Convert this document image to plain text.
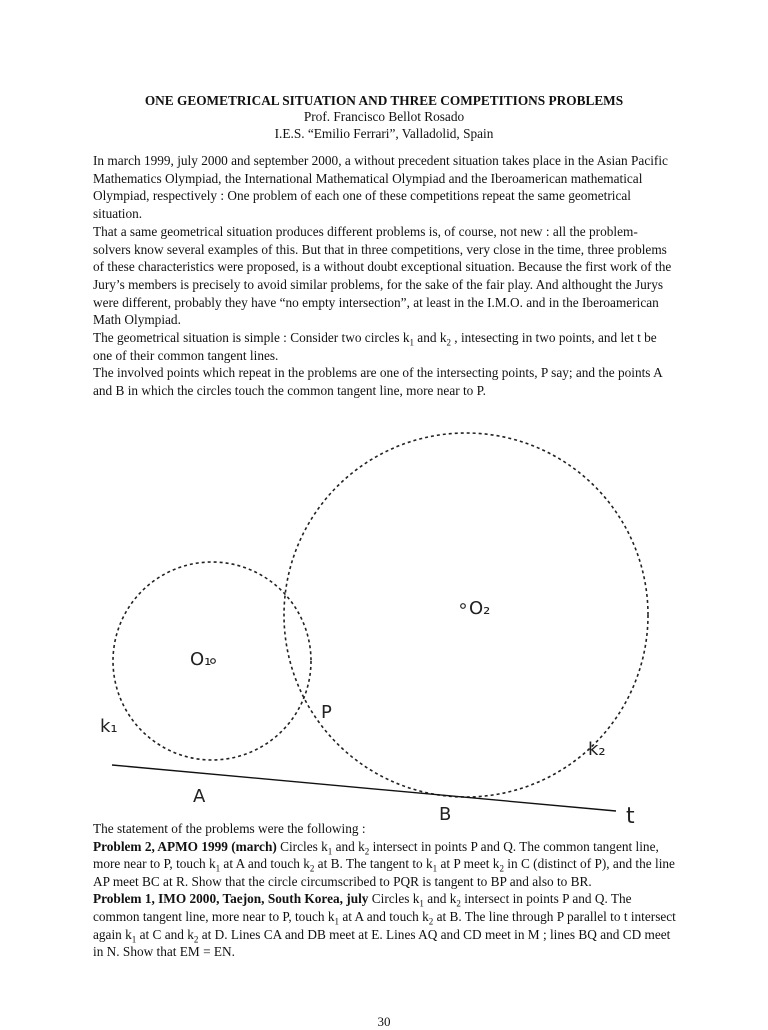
ONE GEOMETRICAL SITUATION AND THREE COMPETITIONS PROBLEMS
Prof. Francisco Bellot Rosado
I.E.S. “Emilio Ferrari”, Valladolid, Spain

In march 1999, july 2000 and september 2000, a without precedent situation takes place in the Asian Pacific Mathematics Olympiad, the International Mathematical Olympiad and the Iberoamerican mathematical Olympiad, respectively : One problem of each one of these competitions repeat the same geometrical situation.

That a same geometrical situation produces different problems is, of course, not new : all the problem-solvers know several examples of this. But that in three competitions, very close in the time, three problems of these characteristics were proposed, is a without doubt exceptional situation. Because the first work of the Jury’s members is precisely to avoid similar problems, for the sake of the fair play. And althought the Jurys were different, probably they have “no empty intersection”, at least in the I.M.O. and in the Iberoamerican Math Olympiad.

The geometrical situation is simple : Consider two circles $k_1$ and $k_2$ , intesecting in two points, and let t be one of their common tangent lines.

The involved points which repeat in the problems are one of the intersecting points, P say; and the points A and B in which the circles touch the common tangent line, more near to P.

O₁
O₂
k₁
k₂
P
A
B	t

The statement of the problems were the following :

Problem 2, APMO 1999 (march) Circles $k_1$ and $k_2$ intersect in points P and Q. The common tangent line, more near to P, touch $k_1$ at A and touch $k_2$ at B. The tangent to $k_1$ at P meet $k_2$ in C (distinct of P), and the line AP meet BC at R. Show that the circle circumscribed to PQR is tangent to BP and also to BR.

Problem 1, IMO 2000, Taejon, South Korea, july Circles $k_1$ and $k_2$ intersect in points P and Q. The common tangent line, more near to P, touch $k_1$ at A and touch $k_2$ at B. The line through P parallel to t intersect again $k_1$ at C and $k_2$ at D. Lines CA and DB meet at E. Lines AQ and CD meet in M ; lines BQ and CD meet in N. Show that EM = EN.

30
